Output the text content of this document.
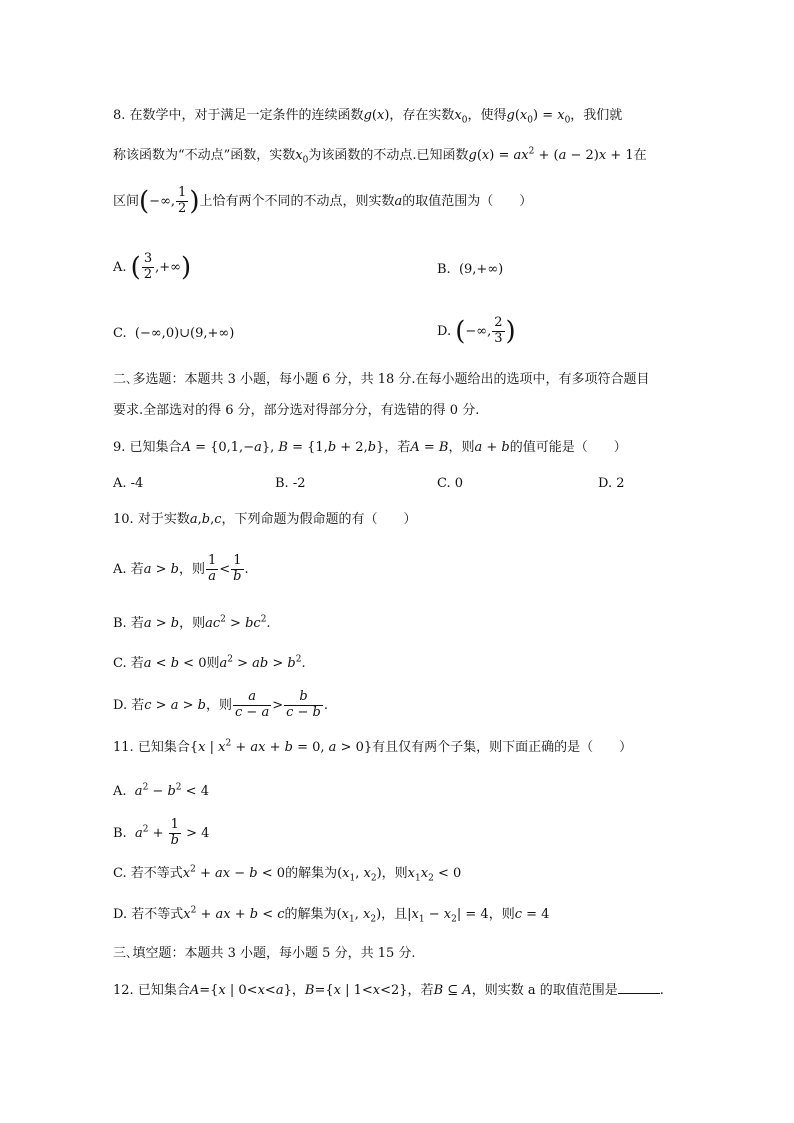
8. 在数学中，对于满足一定条件的连续函数g(x)，存在实数$x_0$，使得$g(x_0) = x_0$，我们就
称该函数为“不动点”函数，实数$x_0$为该函数的不动点.已知函数$g(x) = ax^2 + (a - 2)x + 1$在
区间(−∞, $\frac{1}{2}$ )上恰有两个不同的不动点，则实数a的取值范围为（　　）
A. ( $\frac{3}{2}$ ,+∞)	B. (9,+∞)
C. (−∞,0)∪(9,+∞)	D. (−∞, $\frac{2}{3}$ )
二､多选题：本题共 3 小题，每小题 6 分，共 18 分.在每小题给出的选项中，有多项符合题目
要求.全部选对的得 6 分，部分选对得部分分，有选错的得 0 分.
9. 已知集合A = {0,1,−a}, B = {1,b + 2,b}，若A = B，则a + b的值可能是（　　）
A. -4	B. -2	C. 0	D. 2
10. 对于实数a,b,c，下列命题为假命题的有（　　）
A. 若a > b，则 $\frac{1}{a} < \frac{1}{b}$ .
B. 若a > b，则$ac^2 > bc^2$.
C. 若a < b < 0则$a^2$ > ab > $b^2$.
D. 若c > a > b，则 $\frac{a}{c - a} > \frac{b}{c - b}$ .
11. 已知集合{x | $x^2$ + ax + b = 0, a > 0}有且仅有两个子集，则下面正确的是（　　）
A. $a^2 - b^2 < 4$
B. $a^2 + \frac{1}{b} > 4$
C. 若不等式$x^2$ + ax − b < 0的解集为($x_1$, $x_2$)，则$x_1x_2 < 0$
D. 若不等式$x^2$ + ax + b < c的解集为($x_1$, $x_2$)，且$|x_1 - x_2| = 4$，则c = 4
三､填空题：本题共 3 小题，每小题 5 分，共 15 分.
12. 已知集合A={x | 0<x<a}，B={x | 1<x<2}，若B ⊆ A，则实数 a 的取值范围是	.
